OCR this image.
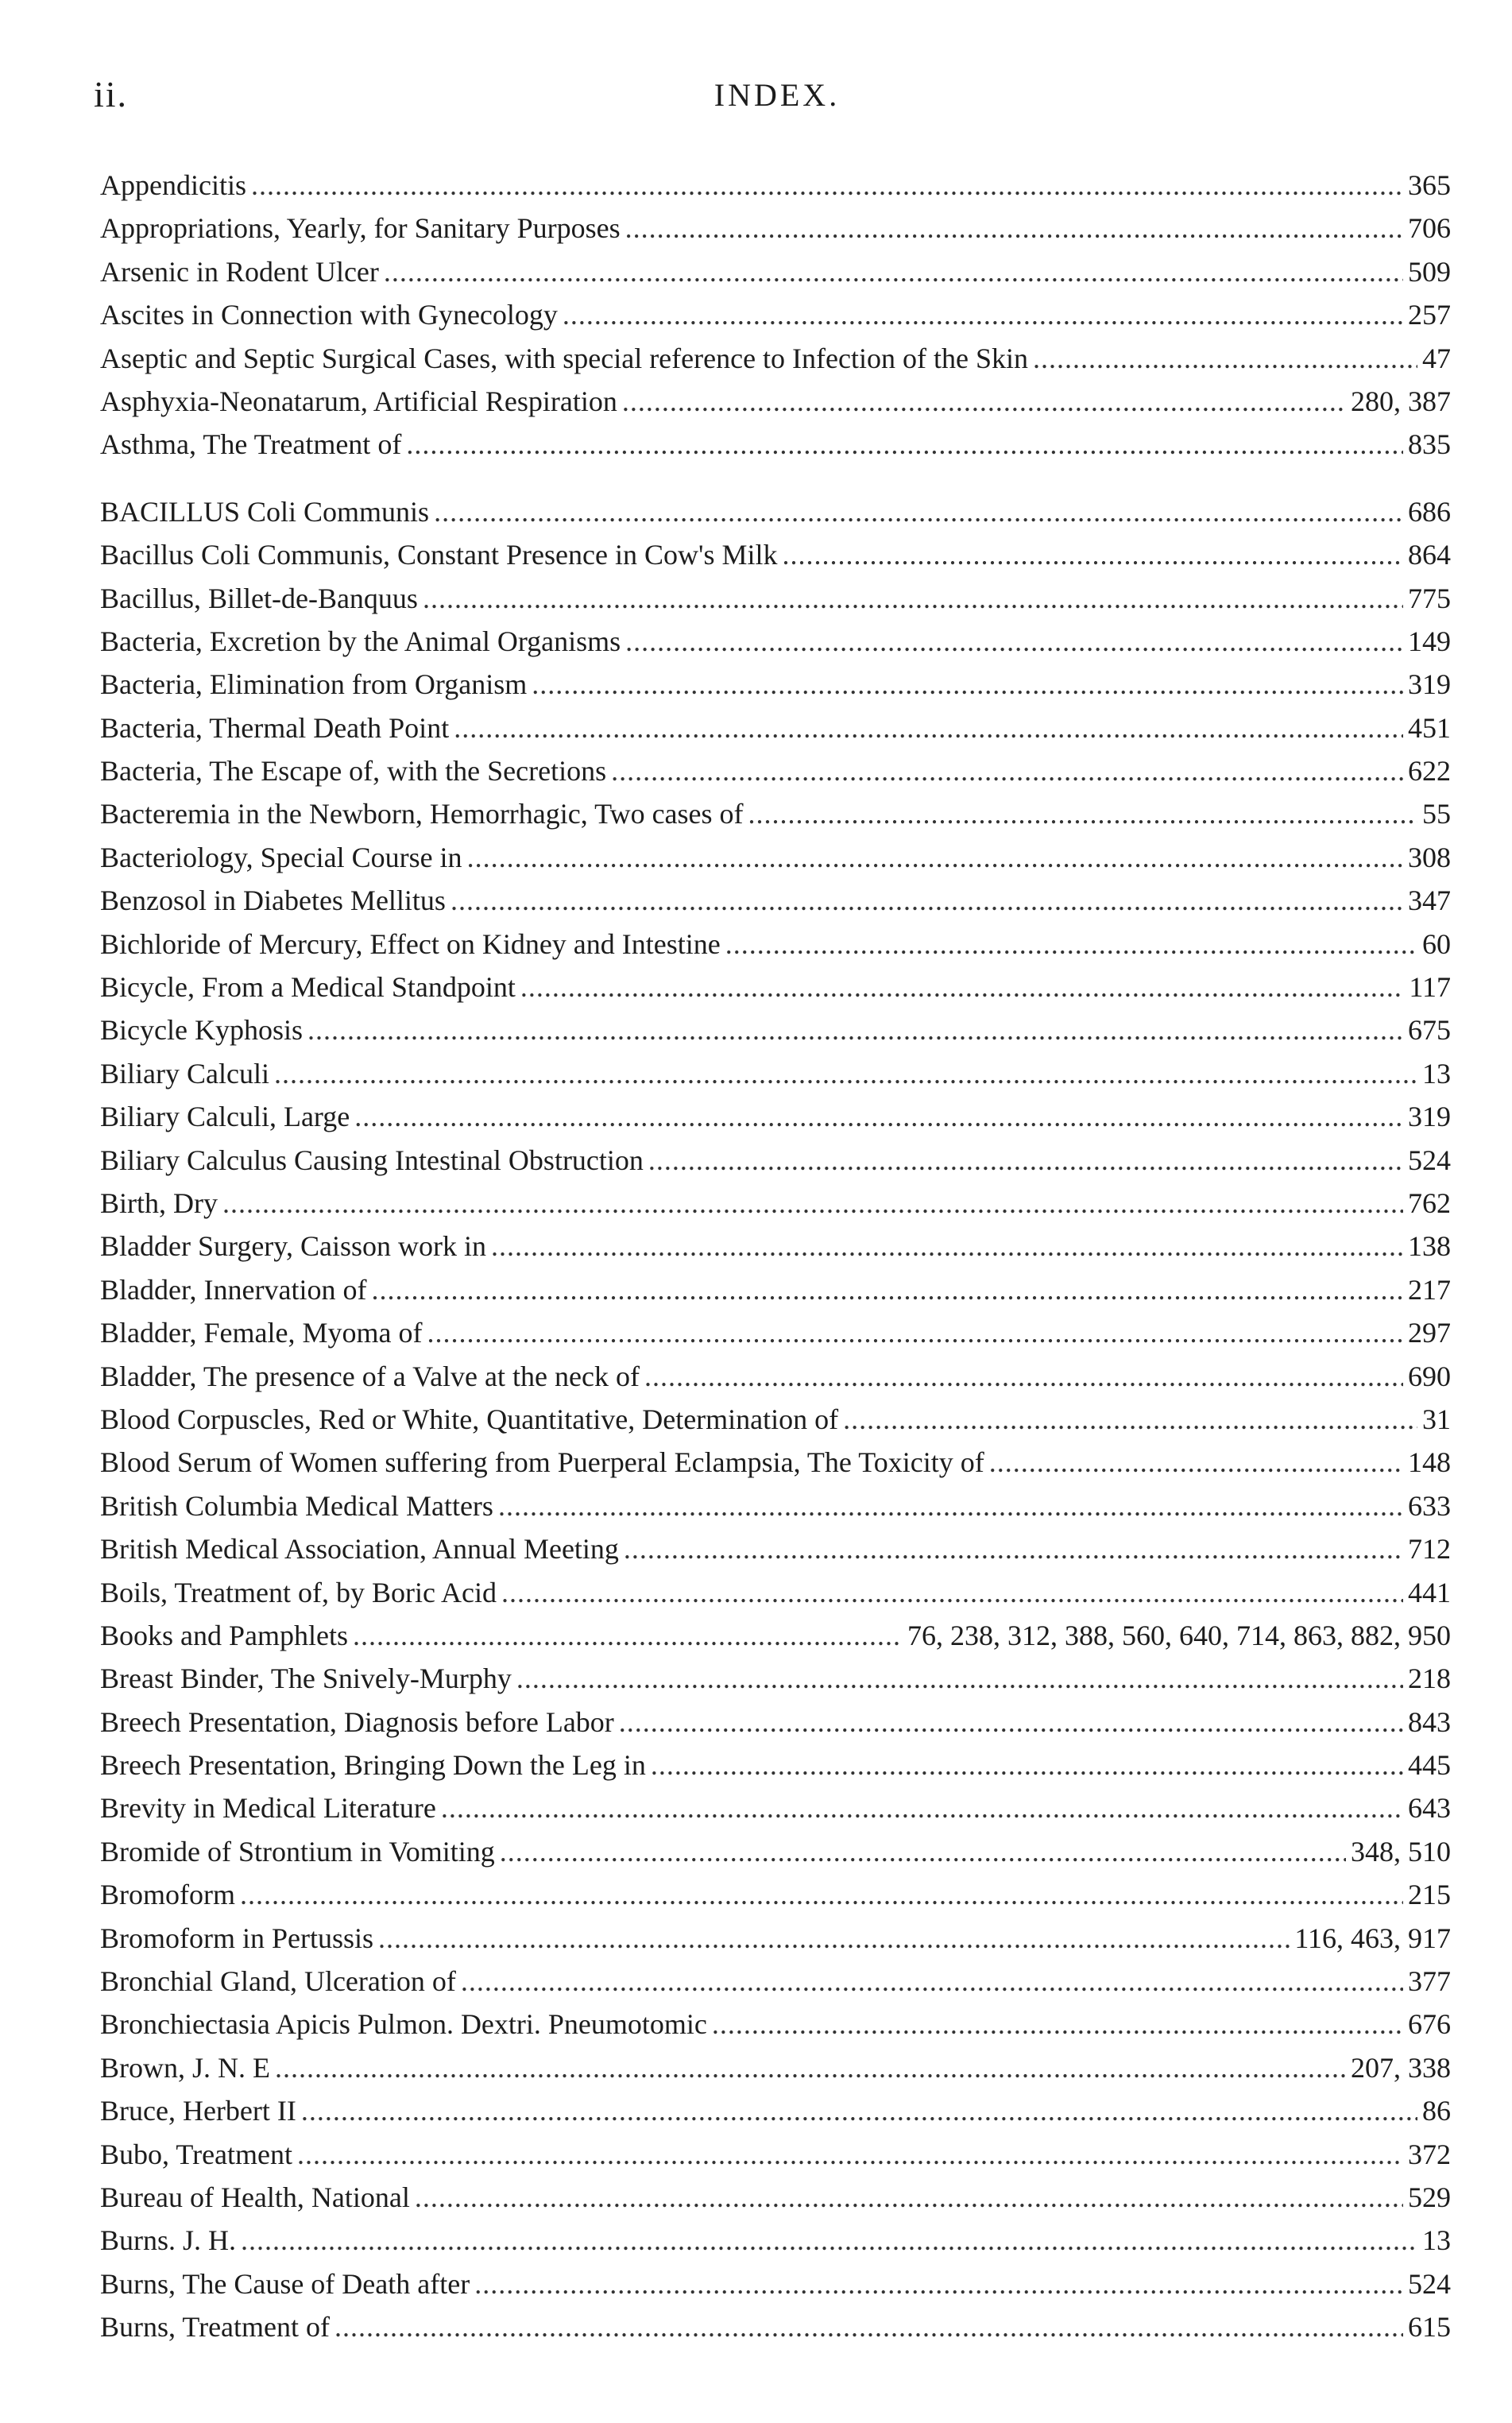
ii.	INDEX.
Appendicitis . . .	365
Appropriations, Yearly, for Sanitary Purposes . . .	706
Arsenic in Rodent Ulcer . . .	509
Ascites in Connection with Gynecology . . .	257
Aseptic and Septic Surgical Cases, with special reference to Infection of the Skin . . .	47
Asphyxia-Neonatarum, Artificial Respiration . . .	280, 387
Asthma, The Treatment of . . .	835
BACILLUS Coli Communis . . .	686
Bacillus Coli Communis, Constant Presence in Cow's Milk . . .	864
Bacillus, Billet-de-Banquus . . .	775
Bacteria, Excretion by the Animal Organisms . . .	149
Bacteria, Elimination from Organism . . .	319
Bacteria, Thermal Death Point . . .	451
Bacteria, The Escape of, with the Secretions . . .	622
Bacteremia in the Newborn, Hemorrhagic, Two cases of . . .	55
Bacteriology, Special Course in . . .	308
Benzosol in Diabetes Mellitus . . .	347
Bichloride of Mercury, Effect on Kidney and Intestine . . .	60
Bicycle, From a Medical Standpoint . . .	117
Bicycle Kyphosis . . .	675
Biliary Calculi . . .	13
Biliary Calculi, Large . . .	319
Biliary Calculus Causing Intestinal Obstruction . . .	524
Birth, Dry . . .	762
Bladder Surgery, Caisson work in . . .	138
Bladder, Innervation of . . .	217
Bladder, Female, Myoma of . . .	297
Bladder, The presence of a Valve at the neck of . . .	690
Blood Corpuscles, Red or White, Quantitative, Determination of . . .	31
Blood Serum of Women suffering from Puerperal Eclampsia, The Toxicity of . . .	148
British Columbia Medical Matters . . .	633
British Medical Association, Annual Meeting . . .	712
Boils, Treatment of, by Boric Acid . . .	441
Books and Pamphlets . . .	76, 238, 312, 388, 560, 640, 714, 863, 882, 950
Breast Binder, The Snively-Murphy . . .	218
Breech Presentation, Diagnosis before Labor . . .	843
Breech Presentation, Bringing Down the Leg in . . .	445
Brevity in Medical Literature . . .	643
Bromide of Strontium in Vomiting . . .	348, 510
Bromoform . . .	215
Bromoform in Pertussis . . .	116, 463, 917
Bronchial Gland, Ulceration of . . .	377
Bronchiectasia Apicis Pulmon. Dextri. Pneumotomic . . .	676
Brown, J. N. E . . .	207, 338
Bruce, Herbert II . . .	86
Bubo, Treatment . . .	372
Bureau of Health, National . . .	529
Burns. J. H. . . .	13
Burns, The Cause of Death after . . .	524
Burns, Treatment of . . .	615
